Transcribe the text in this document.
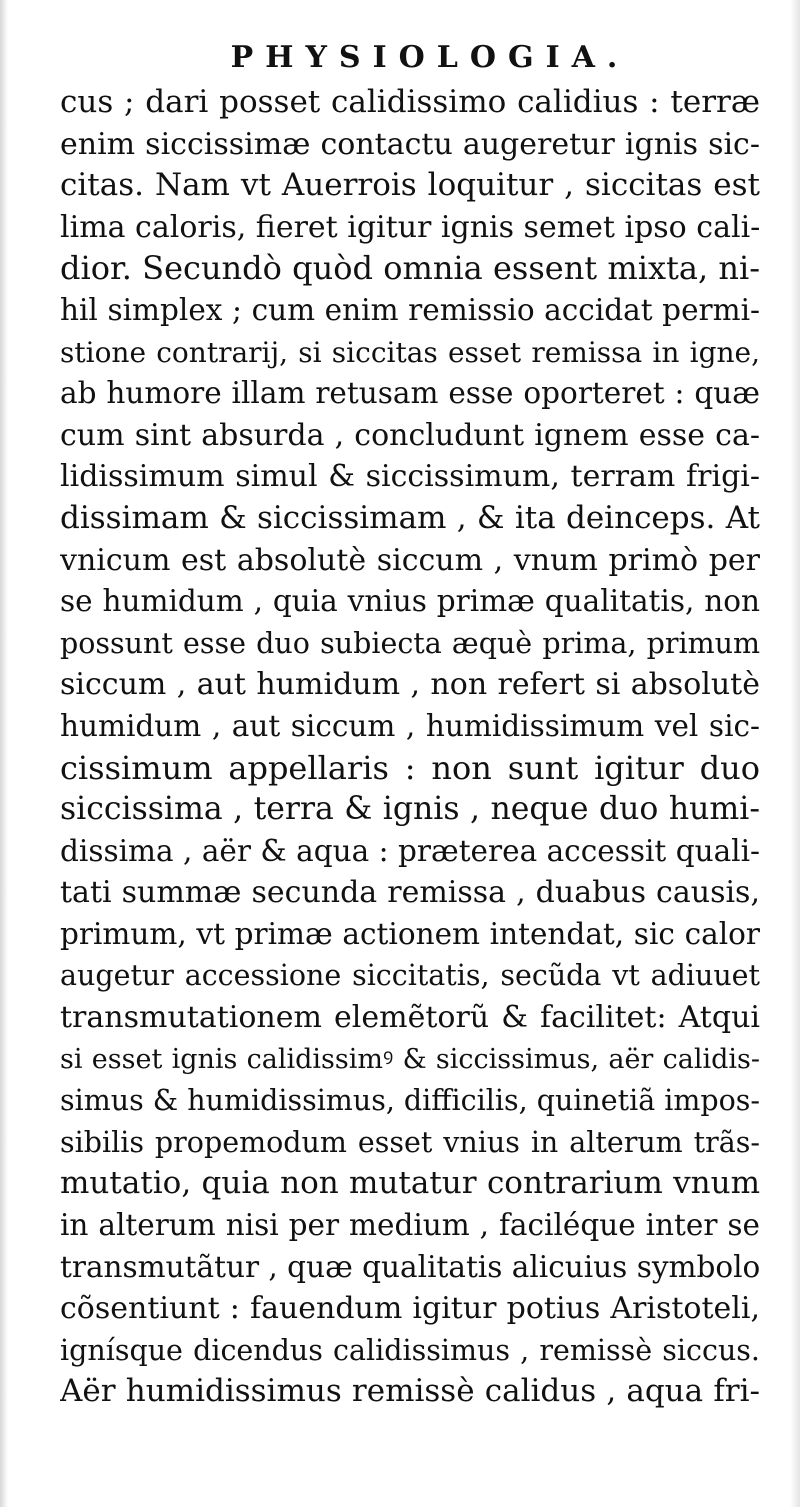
PHYSIOLOGIA.
cus ; dari posset calidissimo calidius : terræ
enim siccissimæ contactu augeretur ignis sic-
citas. Nam vt Auerrois loquitur , siccitas est
lima caloris, fieret igitur ignis semet ipso cali-
dior. Secundò quòd omnia essent mixta, ni-
hil simplex ; cum enim remissio accidat permi-
stione contrarij, si siccitas esset remissa in igne,
ab humore illam retusam esse oporteret : quæ
cum sint absurda , concludunt ignem esse ca-
lidissimum simul & siccissimum, terram frigi-
dissimam & siccissimam , & ita deinceps. At
vnicum est absolutè siccum , vnum primò per
se humidum , quia vnius primæ qualitatis, non
possunt esse duo subiecta æquè prima, primum
siccum , aut humidum , non refert si absolutè
humidum , aut siccum , humidissimum vel sic-
cissimum appellaris : non sunt igitur duo
siccissima , terra & ignis , neque duo humi-
dissima , aër & aqua : præterea accessit quali-
tati summæ secunda remissa , duabus causis,
primum, vt primæ actionem intendat, sic calor
augetur accessione siccitatis, secũda vt adiuuet
transmutationem elemẽtorũ & facilitet: Atqui
si esset ignis calidissimꝰ & siccissimus, aër calidis-
simus & humidissimus, difficilis, quinetiã impos-
sibilis propemodum esset vnius in alterum trãs-
mutatio, quia non mutatur contrarium vnum
in alterum nisi per medium , faciléque inter se
transmutãtur , quæ qualitatis alicuius symbolo
cõsentiunt : fauendum igitur potius Aristoteli,
ignísque dicendus calidissimus , remissè siccus.
Aër humidissimus remissè calidus , aqua fri-
